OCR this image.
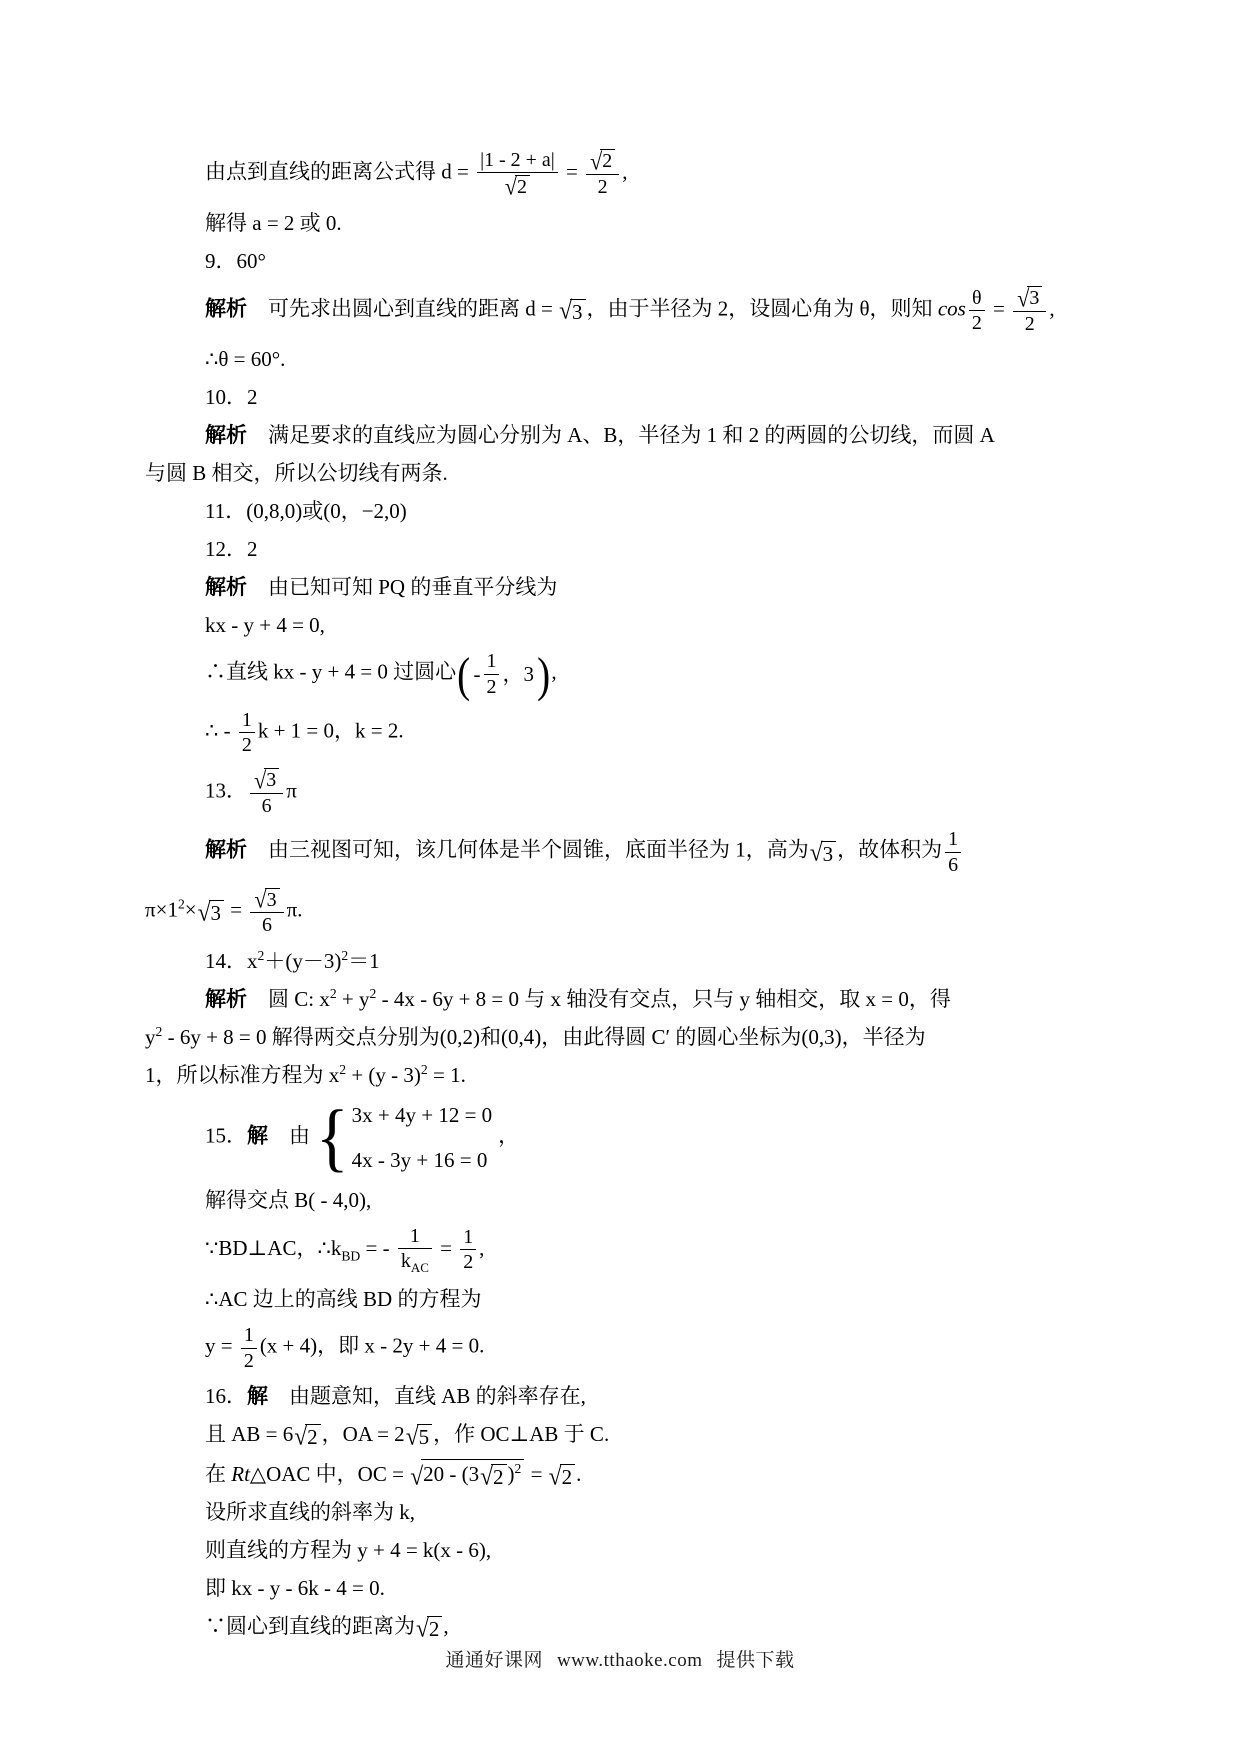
由点到直线的距离公式得 $d = \frac{|1 - 2 + a|}{√ 2} = \frac{√ 2}{2}$ ,
解得 a = 2 或 0.
9．60°
解析　可先求出圆心到直线的距离 d = √ 3 ，由于半径为 2，设圆心角为 θ，则知 $\cos \frac{\theta}{2} = \frac{√ 3}{2}$ ,
∴θ = 60°.
10．2
解析　满足要求的直线应为圆心分别为 A、B，半径为 1 和 2 的两圆的公切线，而圆 A
与圆 B 相交，所以公切线有两条.
11．(0,8,0)或(0，−2,0)
12．2
解析　由已知可知 PQ 的垂直平分线为
kx - y + 4 = 0,
∴直线 kx - y + 4 = 0 过圆心 ( - $\frac{1}{2}$ ，3 ) ,
∴ - $\frac{1}{2}$ k + 1 = 0，k = 2.
13． $\frac{√ 3}{6}$ π
解析　由三视图可知，该几何体是半个圆锥，底面半径为 1，高为 √ 3 ，故体积为 $\frac{1}{6}$
$\pi\times 1^2\times$ √ $3 = \frac{√ 3}{6} \pi$.
14．$x^2+(y-3)^2=1$
解析　圆 C: $x^2 + y^2 - 4x - 6y + 8 = 0$ 与 x 轴没有交点，只与 y 轴相交，取 x = 0，得
$y^2 - 6y + 8 = 0$ 解得两交点分别为(0,2)和(0,4)，由此得圆 C′ 的圆心坐标为(0,3)，半径为
1，所以标准方程为 $x^2 + (y - 3)^2 = 1$.
15．解　由 { 3x + 4y + 12 = 0
4x - 3y + 16 = 0
，
解得交点 B( - 4,0),
∵BD⊥AC，$\therefore k_{BD}$ = - $\frac{1}{k_{AC}} = \frac{1}{2}$ ,
∴AC 边上的高线 BD 的方程为
$y = \frac{1}{2} (x + 4)$，即 x - 2y + 4 = 0.
16．解　由题意知，直线 AB 的斜率存在,
且 AB = 6 √ 2 ，OA = 2 √ 5 ，作 OC⊥AB 于 C.
在 Rt△OAC 中，OC = √ 20 - (3 √ 2 )$^2$ = √ 2 .
设所求直线的斜率为 k,
则直线的方程为 y + 4 = k(x - 6),
即 kx - y - 6k - 4 = 0.
∵圆心到直线的距离为 √ 2 ,
通通好课网 www.tthaoke.com 提供下载
